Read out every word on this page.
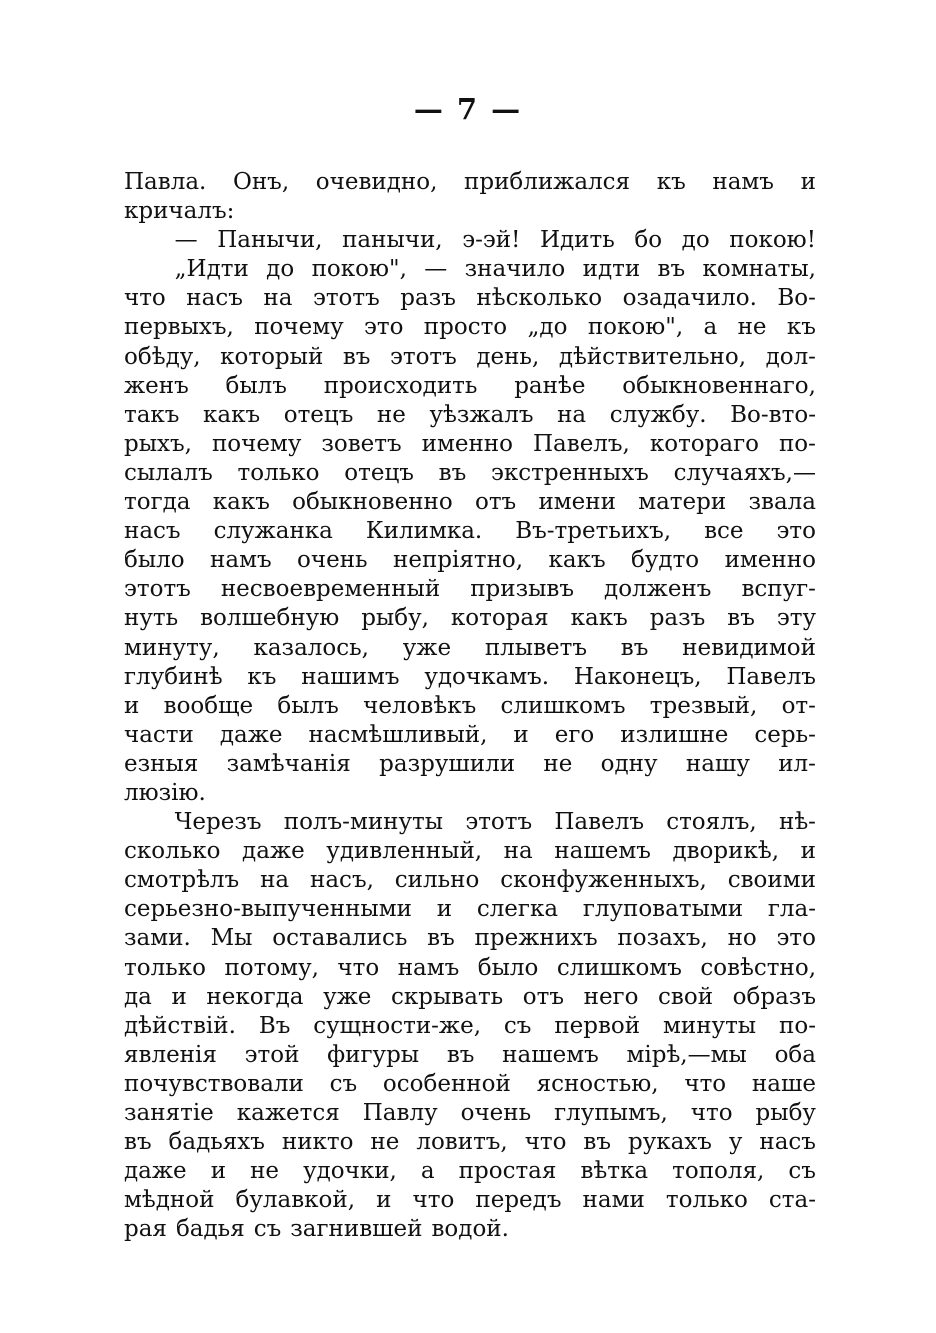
— 7 —
Павла. Онъ, очевидно, приближался къ намъ и
кричалъ:
— Панычи, панычи, э-эй! Идить бо до покою!
„Идти до покою", — значило идти въ комнаты,
что насъ на этотъ разъ нѣсколько озадачило. Во-
первыхъ, почему это просто „до покою", а не къ
обѣду, который въ этотъ день, дѣйствительно, дол-
женъ былъ происходить ранѣе обыкновеннаго,
такъ какъ отецъ не уѣзжалъ на службу. Во-вто-
рыхъ, почему зоветъ именно Павелъ, котораго по-
сылалъ только отецъ въ экстренныхъ случаяхъ,—
тогда какъ обыкновенно отъ имени матери звала
насъ служанка Килимка. Въ-третьихъ, все это
было намъ очень непріятно, какъ будто именно
этотъ несвоевременный призывъ долженъ вспуг-
нуть волшебную рыбу, которая какъ разъ въ эту
минуту, казалось, уже плыветъ въ невидимой
глубинѣ къ нашимъ удочкамъ. Наконецъ, Павелъ
и вообще былъ человѣкъ слишкомъ трезвый, от-
части даже насмѣшливый, и его излишне серь-
езныя замѣчанія разрушили не одну нашу ил-
люзію.
Черезъ полъ-минуты этотъ Павелъ стоялъ, нѣ-
сколько даже удивленный, на нашемъ дворикѣ, и
смотрѣлъ на насъ, сильно сконфуженныхъ, своими
серьезно-выпученными и слегка глуповатыми гла-
зами. Мы оставались въ прежнихъ позахъ, но это
только потому, что намъ было слишкомъ совѣстно,
да и некогда уже скрывать отъ него свой образъ
дѣйствій. Въ сущности-же, съ первой минуты по-
явленія этой фигуры въ нашемъ мірѣ,—мы оба
почувствовали съ особенной ясностью, что наше
занятіе кажется Павлу очень глупымъ, что рыбу
въ бадьяхъ никто не ловитъ, что въ рукахъ у насъ
даже и не удочки, а простая вѣтка тополя, съ
мѣдной булавкой, и что передъ нами только ста-
рая бадья съ загнившей водой.
